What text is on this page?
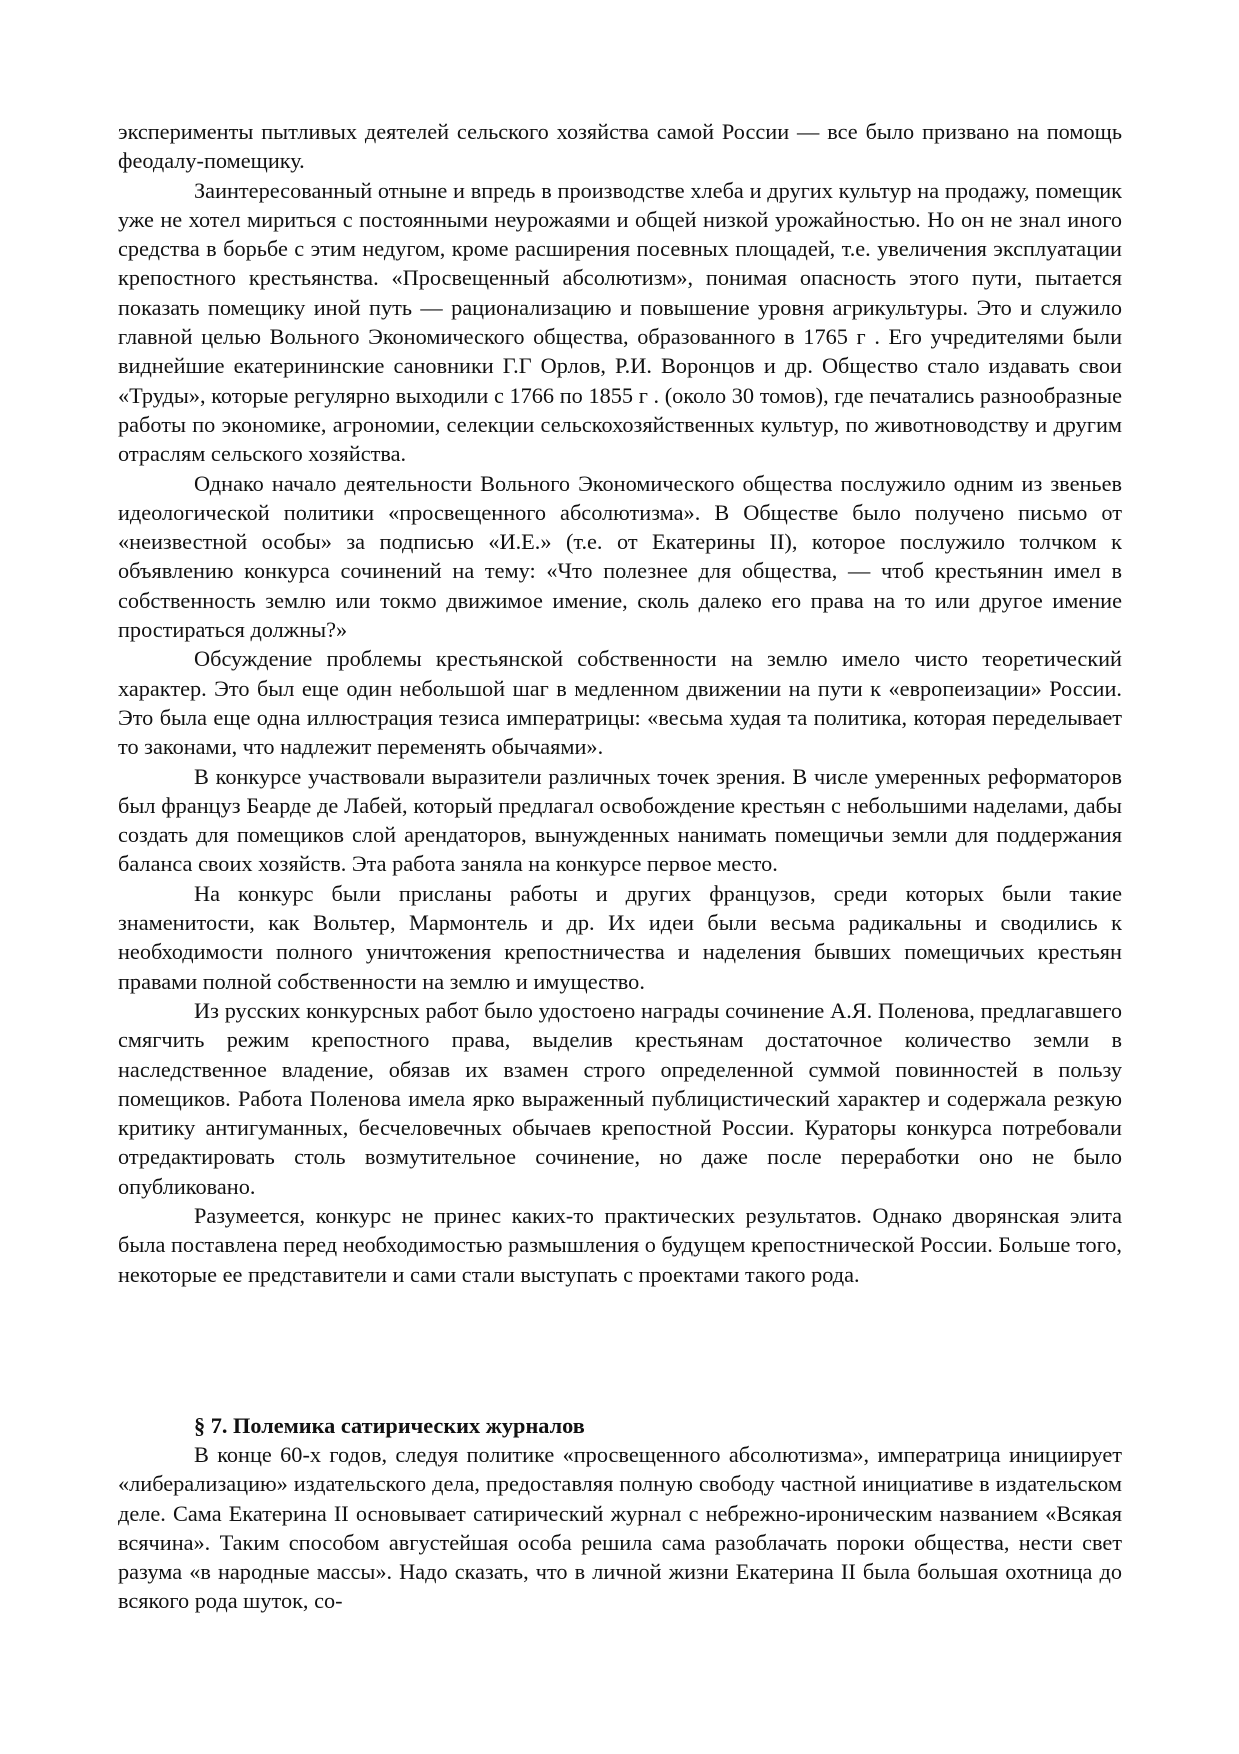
эксперименты пытливых деятелей сельского хозяйства самой России — все было призвано на помощь феодалу-помещику.

Заинтересованный отныне и впредь в производстве хлеба и других культур на продажу, помещик уже не хотел мириться с постоянными неурожаями и общей низкой урожайностью. Но он не знал иного средства в борьбе с этим недугом, кроме расширения посевных площадей, т.е. увеличения эксплуатации крепостного крестьянства. «Просвещенный абсолютизм», понимая опасность этого пути, пытается показать помещику иной путь — рационализацию и повышение уровня агрикультуры. Это и служило главной целью Вольного Экономического общества, образованного в 1765 г . Его учредителями были виднейшие екатерининские сановники Г.Г Орлов, Р.И. Воронцов и др. Общество стало издавать свои «Труды», которые регулярно выходили с 1766 по 1855 г . (около 30 томов), где печатались разнообразные работы по экономике, агрономии, селекции сельскохозяйственных культур, по животноводству и другим отраслям сельского хозяйства.

Однако начало деятельности Вольного Экономического общества послужило одним из звеньев идеологической политики «просвещенного абсолютизма». В Обществе было получено письмо от «неизвестной особы» за подписью «И.Е.» (т.е. от Екатерины II), которое послужило толчком к объявлению конкурса сочинений на тему: «Что полезнее для общества, — чтоб крестьянин имел в собственность землю или токмо движимое имение, сколь далеко его права на то или другое имение простираться должны?»

Обсуждение проблемы крестьянской собственности на землю имело чисто теоретический характер. Это был еще один небольшой шаг в медленном движении на пути к «европеизации» России. Это была еще одна иллюстрация тезиса императрицы: «весьма худая та политика, которая переделывает то законами, что надлежит переменять обычаями».

В конкурсе участвовали выразители различных точек зрения. В числе умеренных реформаторов был француз Беарде де Лабей, который предлагал освобождение крестьян с небольшими наделами, дабы создать для помещиков слой арендаторов, вынужденных нанимать помещичьи земли для поддержания баланса своих хозяйств. Эта работа заняла на конкурсе первое место.

На конкурс были присланы работы и других французов, среди которых были такие знаменитости, как Вольтер, Мармонтель и др. Их идеи были весьма радикальны и сводились к необходимости полного уничтожения крепостничества и наделения бывших помещичьих крестьян правами полной собственности на землю и имущество.

Из русских конкурсных работ было удостоено награды сочинение А.Я. Поленова, предлагавшего смягчить режим крепостного права, выделив крестьянам достаточное количество земли в наследственное владение, обязав их взамен строго определенной суммой повинностей в пользу помещиков. Работа Поленова имела ярко выраженный публицистический характер и содержала резкую критику антигуманных, бесчеловечных обычаев крепостной России. Кураторы конкурса потребовали отредактировать столь возмутительное сочинение, но даже после переработки оно не было опубликовано.

Разумеется, конкурс не принес каких-то практических результатов. Однако дворянская элита была поставлена перед необходимостью размышления о будущем крепостнической России. Больше того, некоторые ее представители и сами стали выступать с проектами такого рода.

§ 7. Полемика сатирических журналов

В конце 60-х годов, следуя политике «просвещенного абсолютизма», императрица инициирует «либерализацию» издательского дела, предоставляя полную свободу частной инициативе в издательском деле. Сама Екатерина II основывает сатирический журнал с небрежно-ироническим названием «Всякая всячина». Таким способом августейшая особа решила сама разоблачать пороки общества, нести свет разума «в народные массы». Надо сказать, что в личной жизни Екатерина II была большая охотница до всякого рода шуток, со-
